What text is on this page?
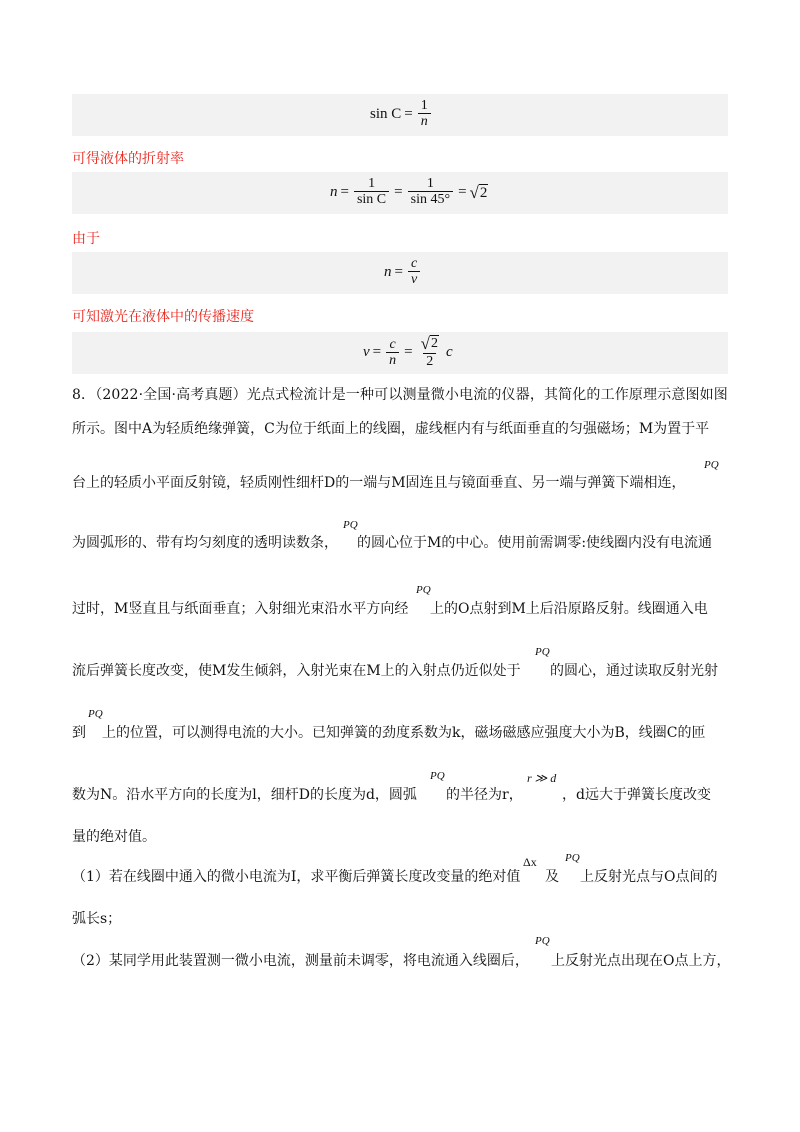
$\sin C = \frac{1}{n}$
可得液体的折射率
$n = \frac{1}{\text{sin C}} = \frac{1}{\sin 45^\circ}$ = √ 2
由于
$n = \frac{c}{v}$
可知激光在液体中的传播速度
$v = \frac{c}{n} = \frac{√ 2}{2}$ c
8．（2022·全国·高考真题）光点式检流计是一种可以测量微小电流的仪器，其简化的工作原理示意图如图
所示。图中A为轻质绝缘弹簧，C为位于纸面上的线圈，虚线框内有与纸面垂直的匀强磁场；M为置于平
PQ
台上的轻质小平面反射镜，轻质刚性细杆D的一端与M固连且与镜面垂直、另一端与弹簧下端相连，
为圆弧形的、带有均匀刻度的透明读数条，
PQ
的圆心位于M的中心。使用前需调零:使线圈内没有电流通
过时，M竖直且与纸面垂直；入射细光束沿水平方向经
PQ
上的O点射到M上后沿原路反射。线圈通入电
流后弹簧长度改变，使M发生倾斜，入射光束在M上的入射点仍近似处于
PQ
的圆心，通过读取反射光射
到
PQ
上的位置，可以测得电流的大小。已知弹簧的劲度系数为k，磁场磁感应强度大小为B，线圈C的匝
数为N。沿水平方向的长度为l，细杆D的长度为d，圆弧
PQ
的半径为r，
r ≫ d
，d远大于弹簧长度改变
量的绝对值。
（1）若在线圈中通入的微小电流为I，求平衡后弹簧长度改变量的绝对值
Δx
及
PQ
上反射光点与O点间的
弧长s；
（2）某同学用此装置测一微小电流，测量前未调零，将电流通入线圈后，
PQ
上反射光点出现在O点上方，
